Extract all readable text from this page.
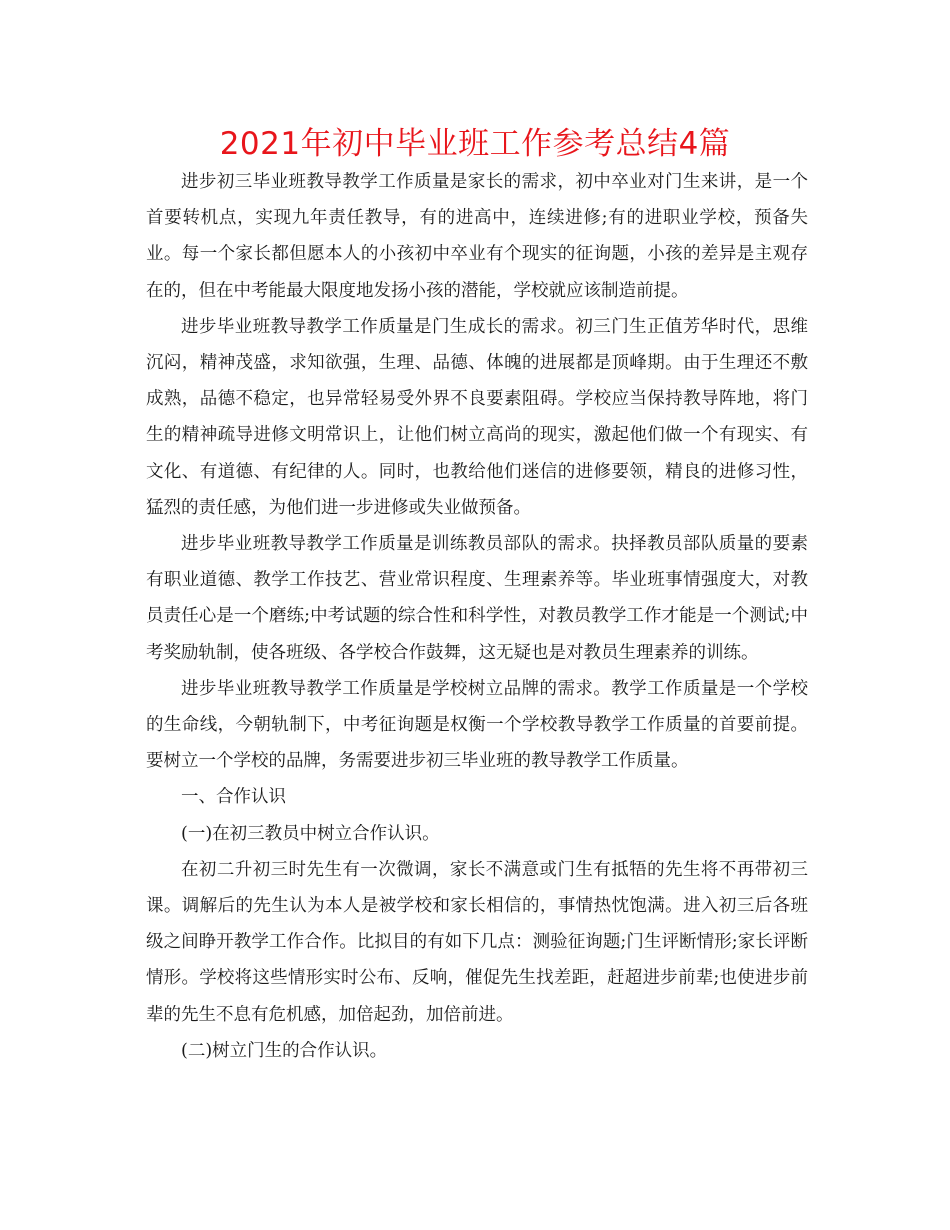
2021年初中毕业班工作参考总结4篇

进步初三毕业班教导教学工作质量是家长的需求，初中卒业对门生来讲，是一个首要转机点，实现九年责任教导，有的进高中，连续进修;有的进职业学校，预备失业。每一个家长都但愿本人的小孩初中卒业有个现实的征询题，小孩的差异是主观存在的，但在中考能最大限度地发扬小孩的潜能，学校就应该制造前提。

进步毕业班教导教学工作质量是门生成长的需求。初三门生正值芳华时代，思维沉闷，精神茂盛，求知欲强，生理、品德、体魄的进展都是顶峰期。由于生理还不敷成熟，品德不稳定，也异常轻易受外界不良要素阻碍。学校应当保持教导阵地，将门生的精神疏导进修文明常识上，让他们树立高尚的现实，激起他们做一个有现实、有文化、有道德、有纪律的人。同时，也教给他们迷信的进修要领，精良的进修习性，猛烈的责任感，为他们进一步进修或失业做预备。

进步毕业班教导教学工作质量是训练教员部队的需求。抉择教员部队质量的要素有职业道德、教学工作技艺、营业常识程度、生理素养等。毕业班事情强度大，对教员责任心是一个磨练;中考试题的综合性和科学性，对教员教学工作才能是一个测试;中考奖励轨制，使各班级、各学校合作鼓舞，这无疑也是对教员生理素养的训练。

进步毕业班教导教学工作质量是学校树立品牌的需求。教学工作质量是一个学校的生命线，今朝轨制下，中考征询题是权衡一个学校教导教学工作质量的首要前提。要树立一个学校的品牌，务需要进步初三毕业班的教导教学工作质量。

一、合作认识

(一)在初三教员中树立合作认识。

在初二升初三时先生有一次微调，家长不满意或门生有抵牾的先生将不再带初三课。调解后的先生认为本人是被学校和家长相信的，事情热忱饱满。进入初三后各班级之间睁开教学工作合作。比拟目的有如下几点：测验征询题;门生评断情形;家长评断情形。学校将这些情形实时公布、反响，催促先生找差距，赶超进步前辈;也使进步前辈的先生不息有危机感，加倍起劲，加倍前进。

(二)树立门生的合作认识。
